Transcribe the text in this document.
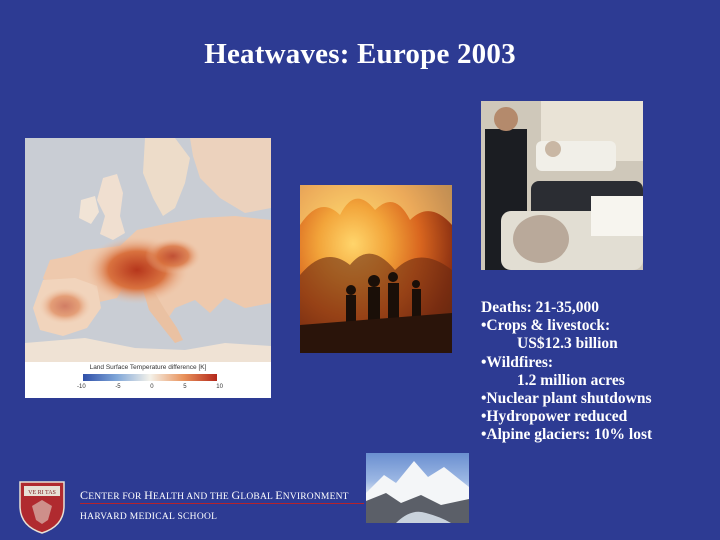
Heatwaves: Europe 2003
Land Surface Temperature difference [K]
-10	-5	0	5	10
Deaths: 21-35,000
•Crops & livestock:
US$12.3 billion
•Wildfires:
1.2 million acres
•Nuclear plant shutdowns
•Hydropower reduced
•Alpine glaciers: 10% lost
VE RI TAS CENTER FOR HEALTH AND THE GLOBAL ENVIRONMENT
HARVARD MEDICAL SCHOOL
